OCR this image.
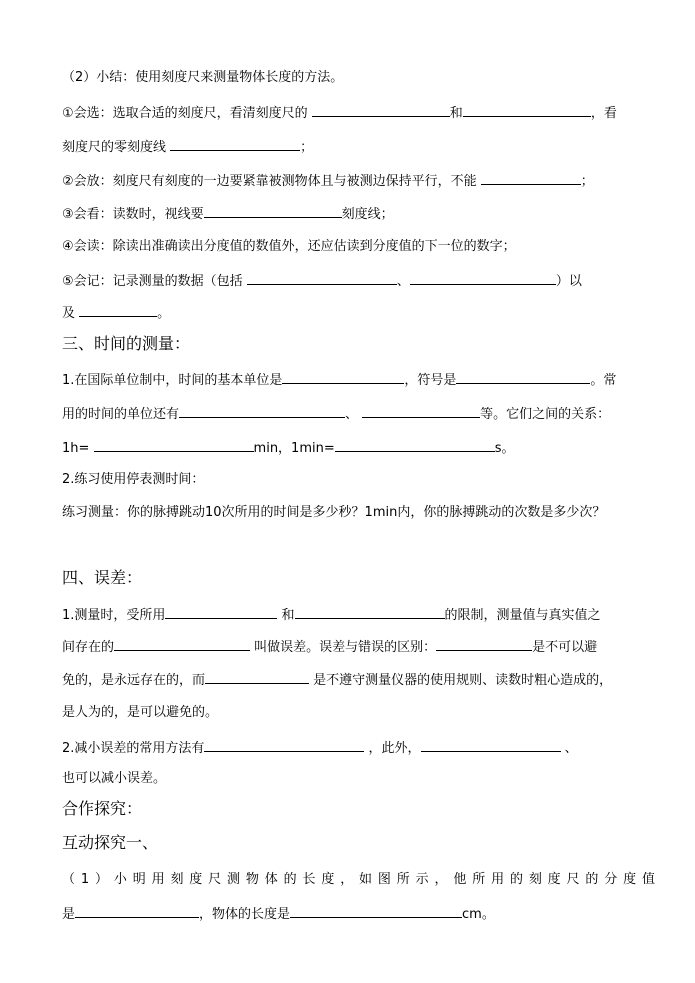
（2）小结：使用刻度尺来测量物体长度的方法。
①会选：选取合适的刻度尺，看清刻度尺的	和	，看
刻度尺的零刻度线	；
②会放：刻度尺有刻度的一边要紧靠被测物体且与被测边保持平行，不能	；
③会看：读数时，视线要	刻度线；
④会读：除读出准确读出分度值的数值外，还应估读到分度值的下一位的数字；
⑤会记：记录测量的数据（包括	、	）以
及	。
三、时间的测量：
1.在国际单位制中，时间的基本单位是	，符号是	。常
用的时间的单位还有	、	等。它们之间的关系：
1h=	min，1min=	s。
2.练习使用停表测时间：
练习测量：你的脉搏跳动10次所用的时间是多少秒？1min内，你的脉搏跳动的次数是多少次？
四、误差：
1.测量时，受所用	和	的限制，测量值与真实值之
间存在的	叫做误差。误差与错误的区别：	是不可以避
免的，是永远存在的，而	是不遵守测量仪器的使用规则、读数时粗心造成的，
是人为的，是可以避免的。
2.减小误差的常用方法有	，此外，	、
也可以减小误差。
合作探究：
互动探究一、
（1）小明用刻度尺测物体的长度，如图所示，他所用的刻度尺的分度值
是	，物体的长度是	cm。
